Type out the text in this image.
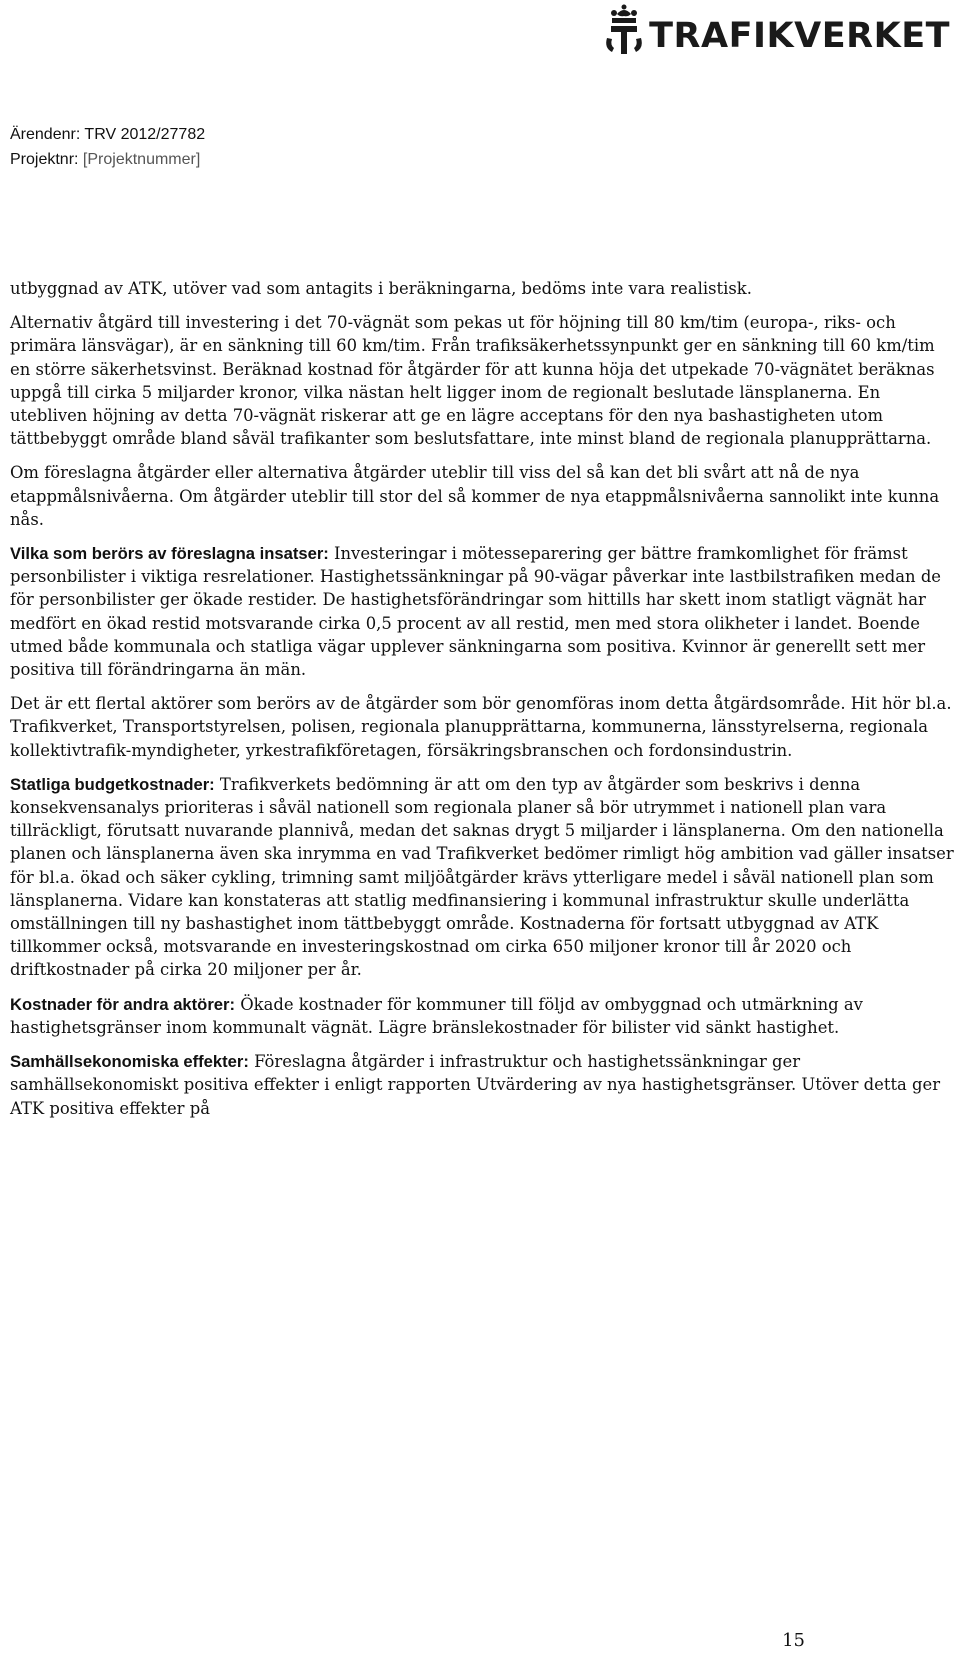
TRAFIKVERKET
Ärendenr: TRV 2012/27782
Projektnr: [Projektnummer]

utbyggnad av ATK, utöver vad som antagits i beräkningarna, bedöms inte vara realistisk.

Alternativ åtgärd till investering i det 70-vägnät som pekas ut för höjning till 80 km/tim (europa-, riks- och primära länsvägar), är en sänkning till 60 km/tim. Från trafiksäkerhetssynpunkt ger en sänkning till 60 km/tim en större säkerhetsvinst. Beräknad kostnad för åtgärder för att kunna höja det utpekade 70-vägnätet beräknas uppgå till cirka 5 miljarder kronor, vilka nästan helt ligger inom de regionalt beslutade länsplanerna. En utebliven höjning av detta 70-vägnät riskerar att ge en lägre acceptans för den nya bashastigheten utom tättbebyggt område bland såväl trafikanter som beslutsfattare, inte minst bland de regionala planupprättarna.

Om föreslagna åtgärder eller alternativa åtgärder uteblir till viss del så kan det bli svårt att nå de nya etappmålsnivåerna. Om åtgärder uteblir till stor del så kommer de nya etappmålsnivåerna sannolikt inte kunna nås.

Vilka som berörs av föreslagna insatser: Investeringar i mötesseparering ger bättre framkomlighet för främst personbilister i viktiga resrelationer. Hastighetssänkningar på 90-vägar påverkar inte lastbilstrafiken medan de för personbilister ger ökade restider. De hastighetsförändringar som hittills har skett inom statligt vägnät har medfört en ökad restid motsvarande cirka 0,5 procent av all restid, men med stora olikheter i landet. Boende utmed både kommunala och statliga vägar upplever sänkningarna som positiva. Kvinnor är generellt sett mer positiva till förändringarna än män.

Det är ett flertal aktörer som berörs av de åtgärder som bör genomföras inom detta åtgärdsområde. Hit hör bl.a. Trafikverket, Transportstyrelsen, polisen, regionala planupprättarna, kommunerna, länsstyrelserna, regionala kollektivtrafik-myndigheter, yrkestrafikföretagen, försäkringsbranschen och fordonsindustrin.

Statliga budgetkostnader: Trafikverkets bedömning är att om den typ av åtgärder som beskrivs i denna konsekvensanalys prioriteras i såväl nationell som regionala planer så bör utrymmet i nationell plan vara tillräckligt, förutsatt nuvarande plannivå, medan det saknas drygt 5 miljarder i länsplanerna. Om den nationella planen och länsplanerna även ska inrymma en vad Trafikverket bedömer rimligt hög ambition vad gäller insatser för bl.a. ökad och säker cykling, trimning samt miljöåtgärder krävs ytterligare medel i såväl nationell plan som länsplanerna. Vidare kan konstateras att statlig medfinansiering i kommunal infrastruktur skulle underlätta omställningen till ny bashastighet inom tättbebyggt område. Kostnaderna för fortsatt utbyggnad av ATK tillkommer också, motsvarande en investeringskostnad om cirka 650 miljoner kronor till år 2020 och driftkostnader på cirka 20 miljoner per år.

Kostnader för andra aktörer: Ökade kostnader för kommuner till följd av ombyggnad och utmärkning av hastighetsgränser inom kommunalt vägnät. Lägre bränslekostnader för bilister vid sänkt hastighet.

Samhällsekonomiska effekter: Föreslagna åtgärder i infrastruktur och hastighetssänkningar ger samhällsekonomiskt positiva effekter i enligt rapporten Utvärdering av nya hastighetsgränser. Utöver detta ger ATK positiva effekter på

15
